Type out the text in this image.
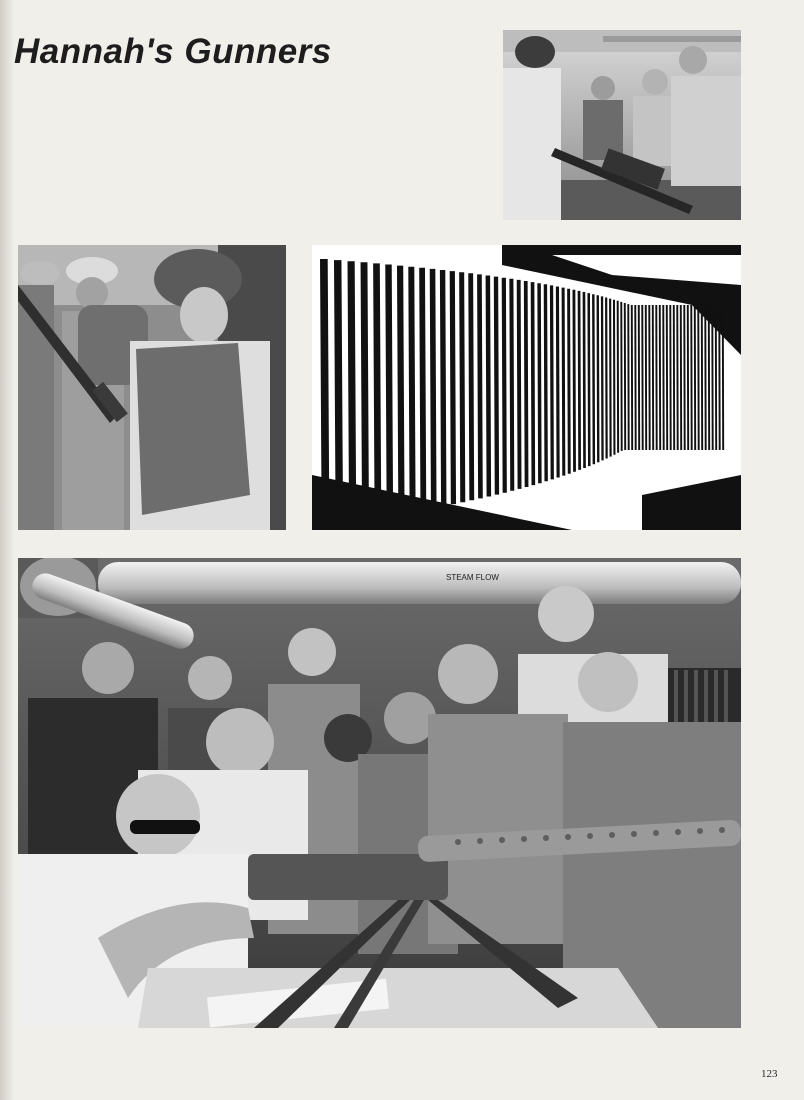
Hannah's Gunners
STEAM FLOW
123
